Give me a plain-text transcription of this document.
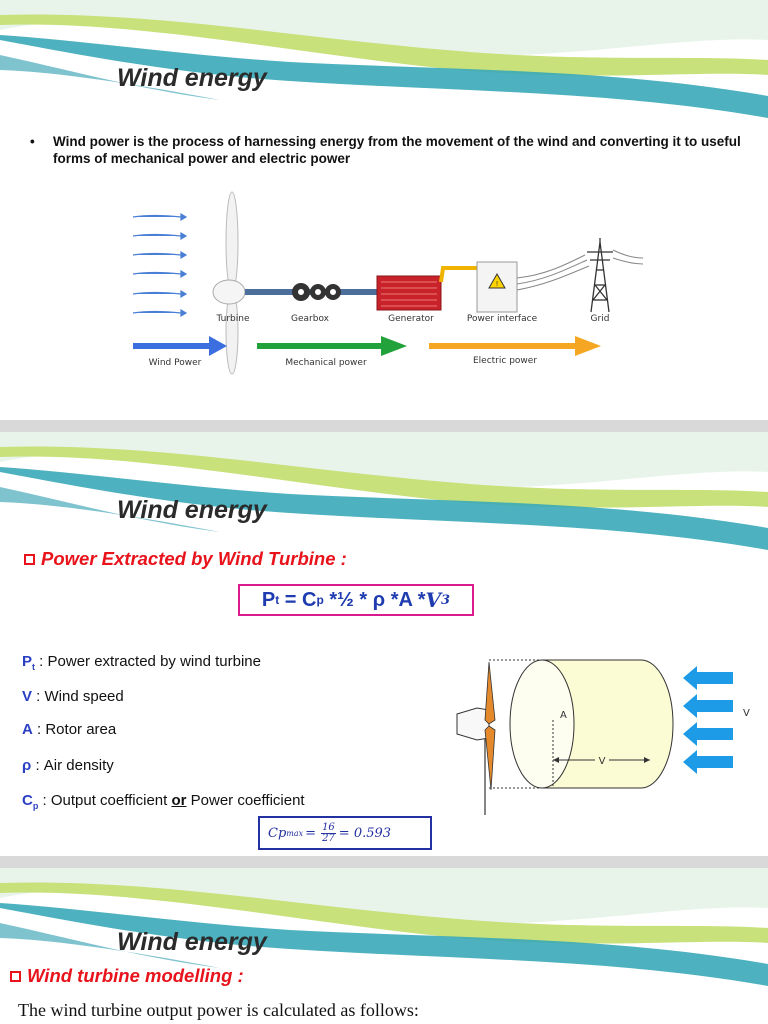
Wind energy
• Wind power is the process of harnessing energy from the movement of the wind and converting it to useful forms of mechanical power and electric power
!
Turbine	Gearbox	Generator	Power interface	Grid
Wind Power	Mechanical power	Electric power
Wind energy
Power Extracted by Wind Turbine :
P t = C p *½ * ρ *A * V 3
$P_t$ : Power extracted by wind turbine
V : Wind speed
A : Rotor area
ρ : Air density
$C_p$ : Output coefficient or Power coefficient
Cp $\max = \frac{16}{27} = 0.593$
A
V
V
Wind energy
Wind turbine modelling :

The wind turbine output power is calculated as follows:
